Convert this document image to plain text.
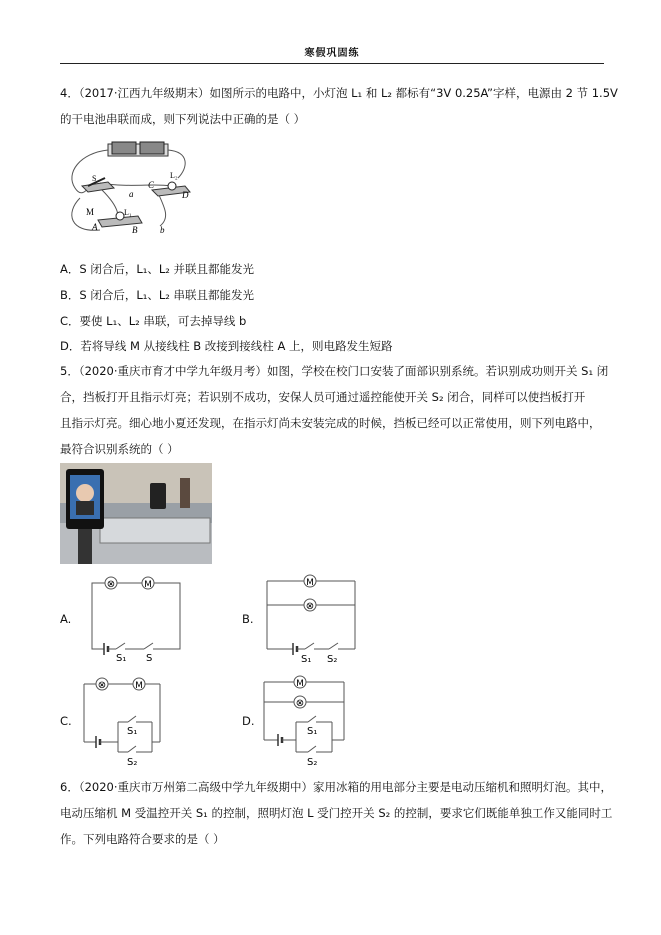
寒假巩固练
4．（2017·江西九年级期末）如图所示的电路中，小灯泡 L₁ 和 L₂ 都标有“3V 0.25A”字样，电源由 2 节 1.5V
的干电池串联而成，则下列说法中正确的是（ ）
S
M
a
b
C
D
A	B
L₁
L₂
A．S 闭合后，L₁、L₂ 并联且都能发光
B．S 闭合后，L₁、L₂ 串联且都能发光
C．要使 L₁、L₂ 串联，可去掉导线 b
D．若将导线 M 从接线柱 B 改接到接线柱 A 上，则电路发生短路
5．（2020·重庆市育才中学九年级月考）如图，学校在校门口安装了面部识别系统。若识别成功则开关 S₁ 闭
合，挡板打开且指示灯亮；若识别不成功，安保人员可通过遥控能使开关 S₂ 闭合，同样可以使挡板打开
且指示灯亮。细心地小夏还发现，在指示灯尚未安装完成的时候，挡板已经可以正常使用，则下列电路中，
最符合识别系统的（ ）
A.
⊗	M
S₁ S
B.
M
⊗
S₁ S₂
C.
⊗	M
S₁
S₂
D.
M
⊗
S₁
S₂
6．（2020·重庆市万州第二高级中学九年级期中）家用冰箱的用电部分主要是电动压缩机和照明灯泡。其中，
电动压缩机 M 受温控开关 S₁ 的控制，照明灯泡 L 受门控开关 S₂ 的控制，要求它们既能单独工作又能同时工
作。下列电路符合要求的是（ ）
